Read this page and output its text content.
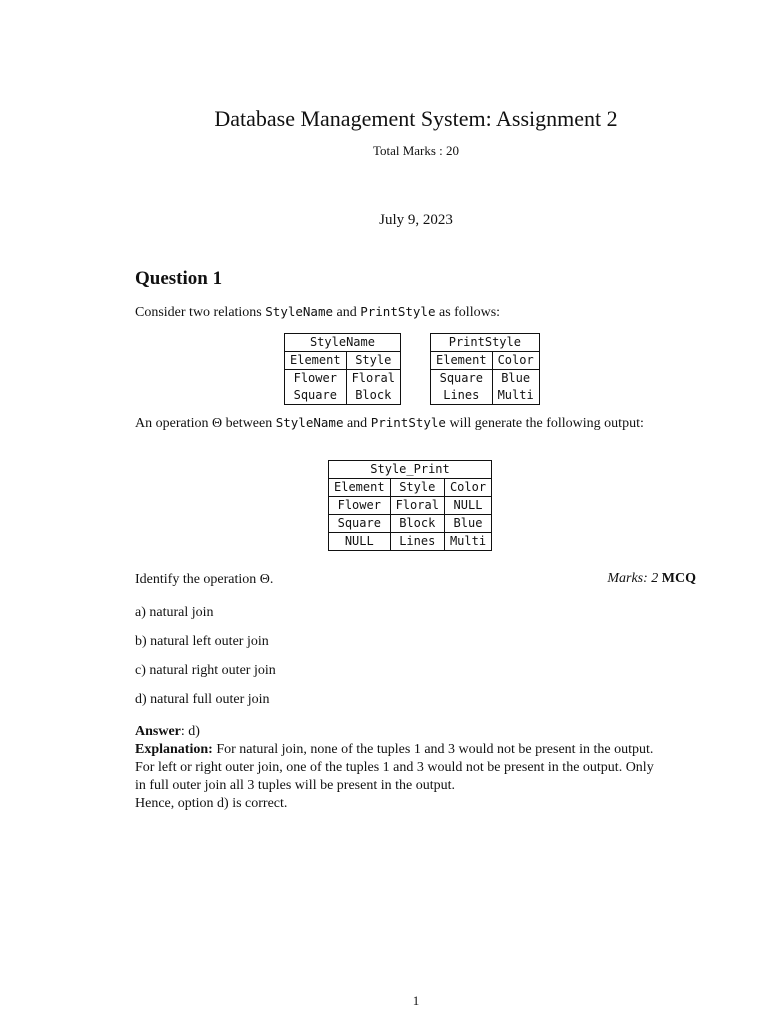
Database Management System: Assignment 2
Total Marks : 20
July 9, 2023
Question 1
Consider two relations StyleName and PrintStyle as follows:
StyleName	
Element	Style
Flower	Floral
Square	Block
PrintStyle	
Element	Color
Square	Blue
Lines	Multi
An operation Θ between StyleName and PrintStyle will generate the following output:
Style_Print		
Element	Style	Color
Flower	Floral	NULL
Square	Block	Blue
NULL	Lines	Multi
Identify the operation Θ.	Marks: 2 MCQ
a) natural join
b) natural left outer join
c) natural right outer join
d) natural full outer join
Answer: d)
Explanation: For natural join, none of the tuples 1 and 3 would not be present in the output.
For left or right outer join, one of the tuples 1 and 3 would not be present in the output. Only
in full outer join all 3 tuples will be present in the output.
Hence, option d) is correct.
1
